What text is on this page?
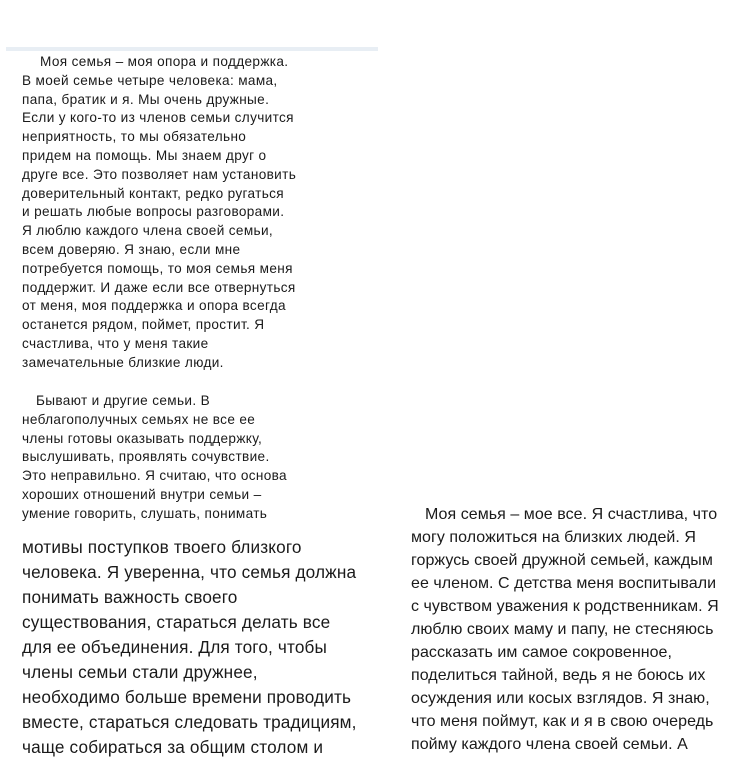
Моя семья – моя опора и поддержка.
В моей семье четыре человека: мама,
папа, братик и я. Мы очень дружные.
Если у кого-то из членов семьи случится
неприятность, то мы обязательно
придем на помощь. Мы знаем друг о
друге все. Это позволяет нам установить
доверительный контакт, редко ругаться
и решать любые вопросы разговорами.
Я люблю каждого члена своей семьи,
всем доверяю. Я знаю, если мне
потребуется помощь, то моя семья меня
поддержит. И даже если все отвернуться
от меня, моя поддержка и опора всегда
останется рядом, поймет, простит. Я
счастлива, что у меня такие
замечательные близкие люди.
Бывают и другие семьи. В
неблагополучных семьях не все ее
члены готовы оказывать поддержку,
выслушивать, проявлять сочувствие.
Это неправильно. Я считаю, что основа
хороших отношений внутри семьи –
умение говорить, слушать, понимать
мотивы поступков твоего близкого
человека. Я уверенна, что семья должна
понимать важность своего
существования, стараться делать все
для ее объединения. Для того, чтобы
члены семьи стали дружнее,
необходимо больше времени проводить
вместе, стараться следовать традициям,
чаще собираться за общим столом и
Моя семья – мое все. Я счастлива, что
могу положиться на близких людей. Я
горжусь своей дружной семьей, каждым
ее членом. С детства меня воспитывали
с чувством уважения к родственникам. Я
люблю своих маму и папу, не стесняюсь
рассказать им самое сокровенное,
поделиться тайной, ведь я не боюсь их
осуждения или косых взглядов. Я знаю,
что меня поймут, как и я в свою очередь
пойму каждого члена своей семьи. А
